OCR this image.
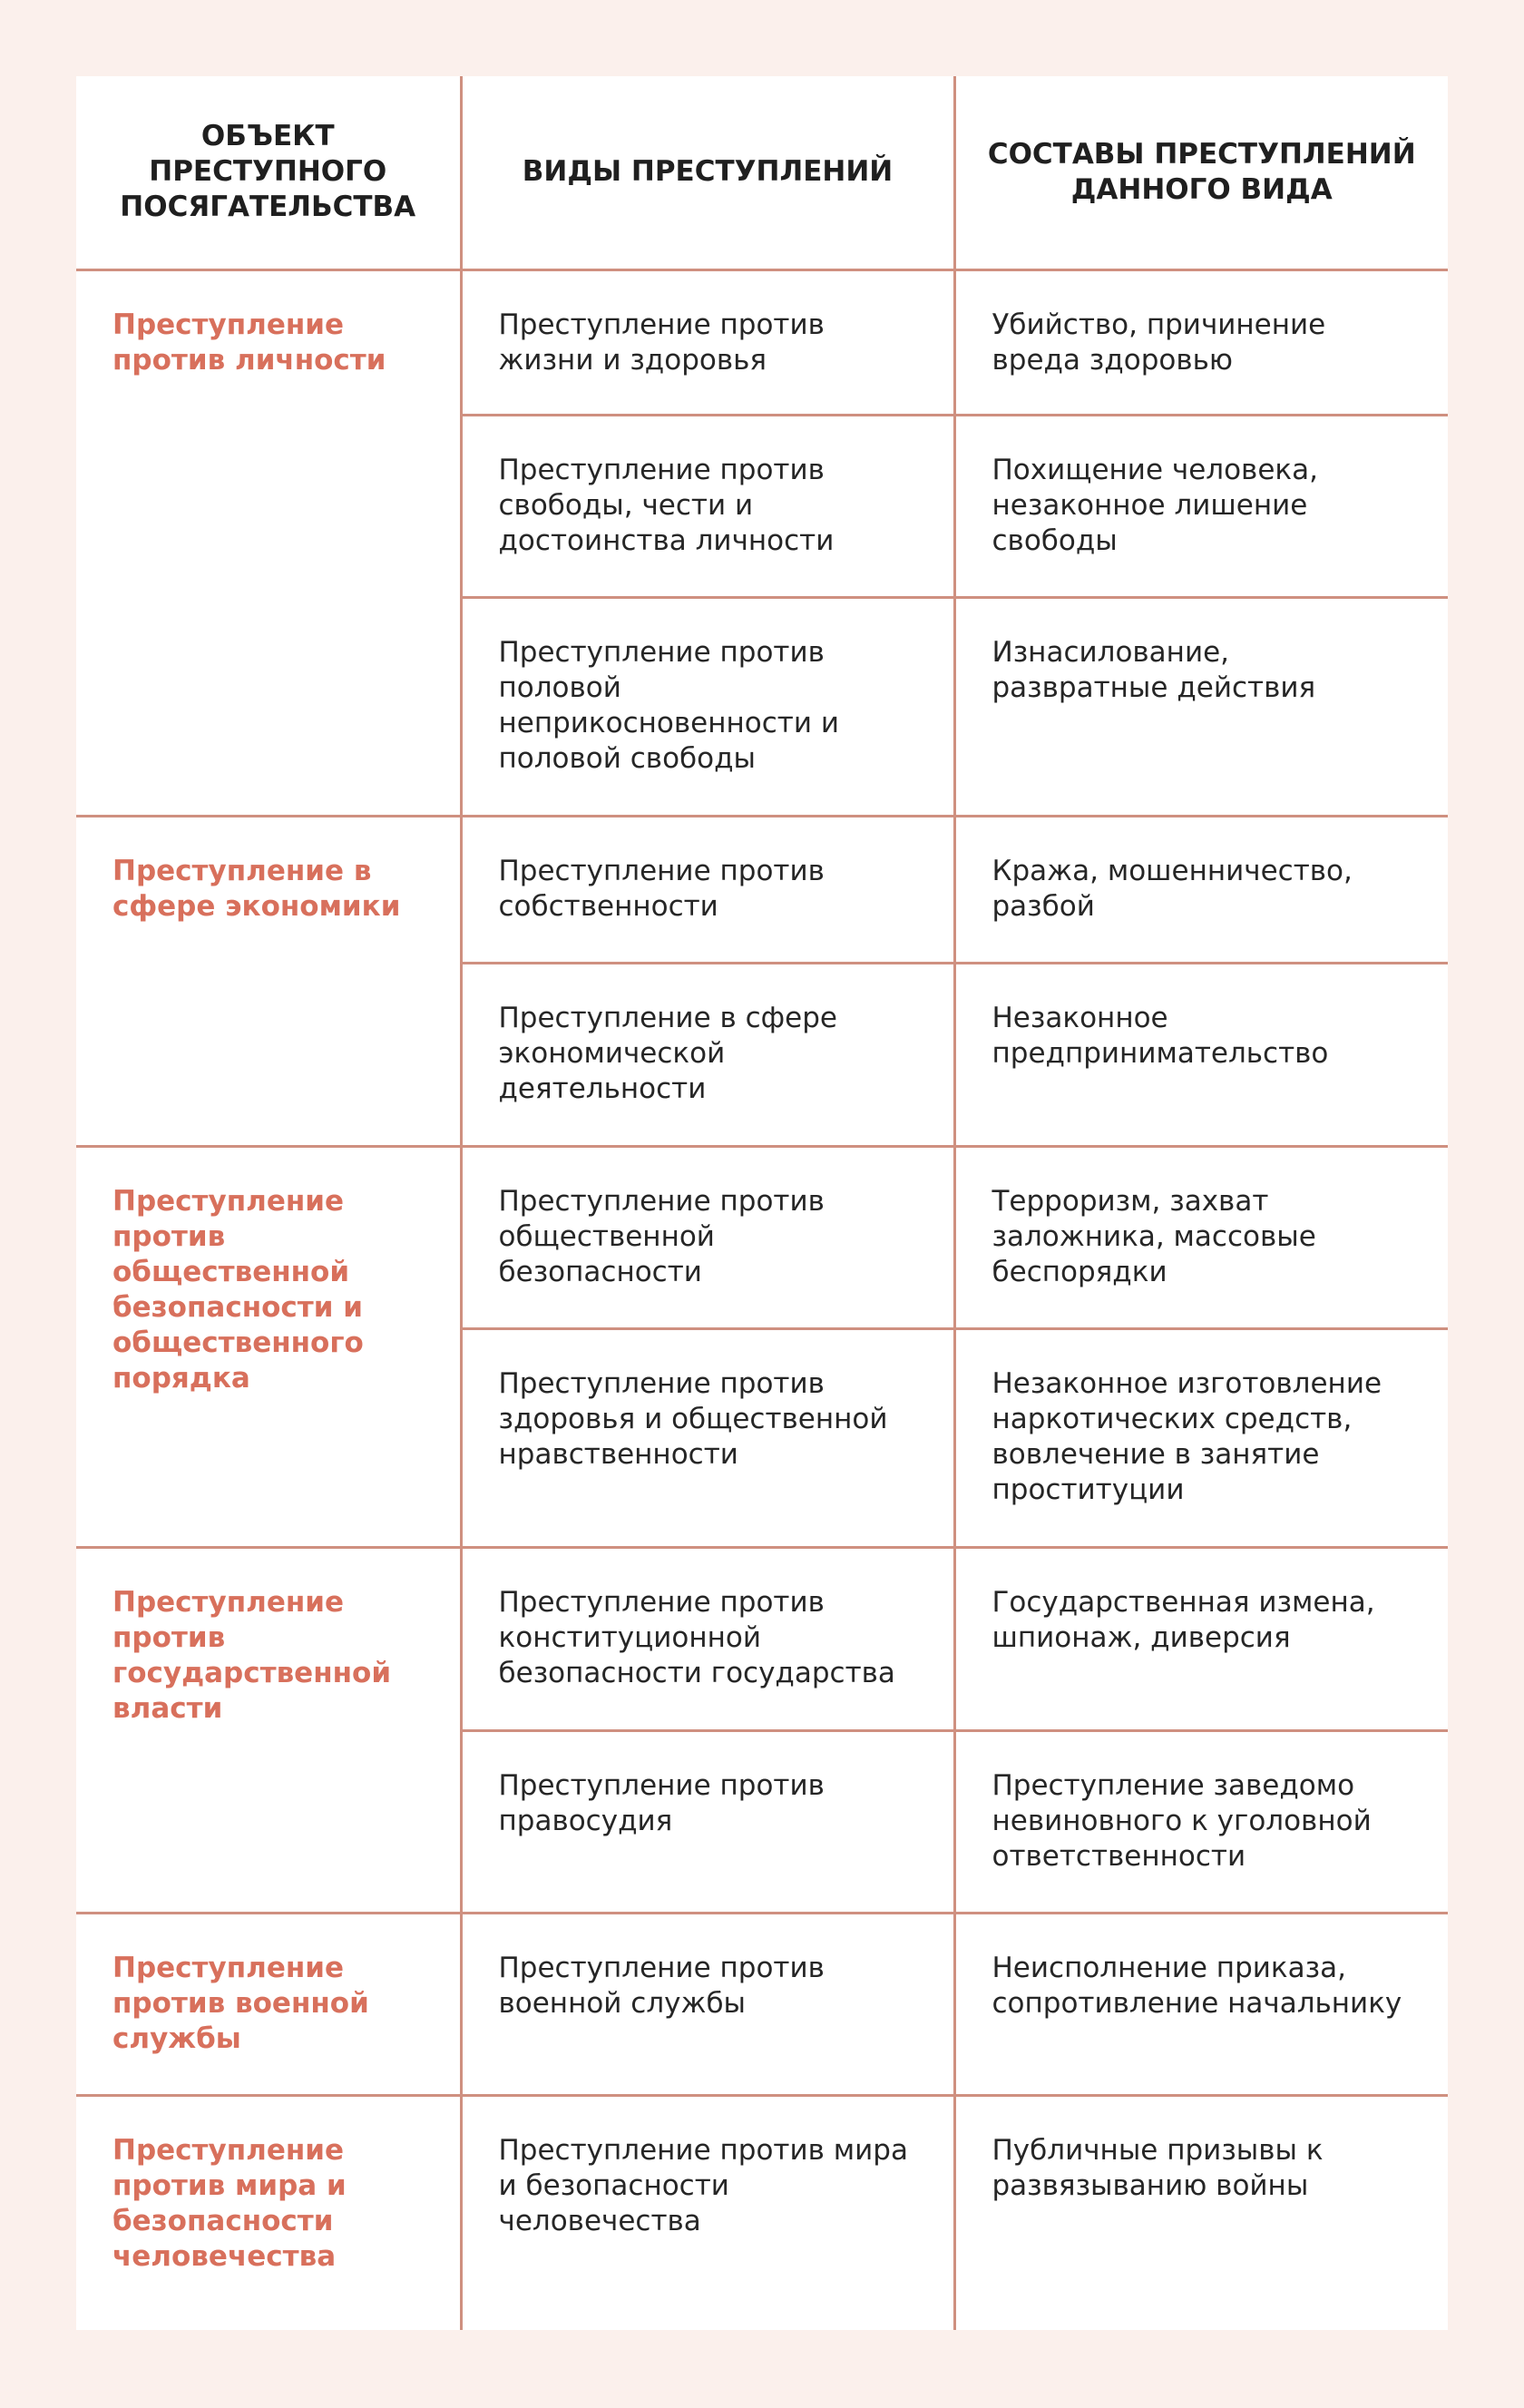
ОБЪЕКТ ПРЕСТУПНОГО ПОСЯГАТЕЛЬСТВА	ВИДЫ ПРЕСТУПЛЕНИЙ	СОСТАВЫ ПРЕСТУПЛЕНИЙ ДАННОГО ВИДА
Преступление против личности	Преступление против жизни и здоровья	Убийство, причинение вреда здоровью
	Преступление против свободы, чести и достоинства личности	Похищение человека, незаконное лишение свободы
	Преступление против половой неприкосновенности и половой свободы	Изнасилование, развратные действия
Преступление в сфере экономики	Преступление против собственности	Кража, мошенничество, разбой
	Преступление в сфере экономической деятельности	Незаконное предпринимательство
Преступление против общественной безопасности и общественного порядка	Преступление против общественной безопасности	Терроризм, захват заложника, массовые беспорядки
	Преступление против здоровья и общественной нравственности	Незаконное изготовление наркотических средств, вовлечение в занятие проституции
Преступление против государственной власти	Преступление против конституционной безопасности государства	Государственная измена, шпионаж, диверсия
	Преступление против правосудия	Преступление заведомо невиновного к уголовной ответственности
Преступление против военной службы	Преступление против военной службы	Неисполнение приказа, сопротивление начальнику
Преступление против мира и безопасности человечества	Преступление против мира и безопасности человечества	Публичные призывы к развязыванию войны
